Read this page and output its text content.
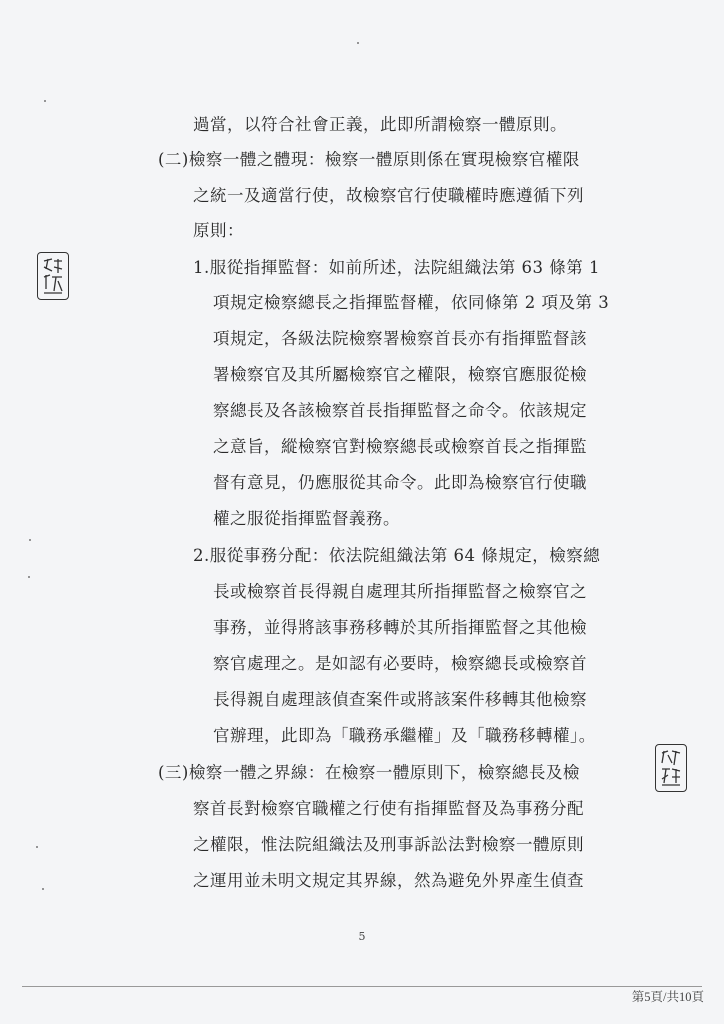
過當，以符合社會正義，此即所謂檢察一體原則。
(二)檢察一體之體現：檢察一體原則係在實現檢察官權限
之統一及適當行使，故檢察官行使職權時應遵循下列
原則：
1.服從指揮監督：如前所述，法院組織法第 63 條第 1
項規定檢察總長之指揮監督權，依同條第 2 項及第 3
項規定，各級法院檢察署檢察首長亦有指揮監督該
署檢察官及其所屬檢察官之權限，檢察官應服從檢
察總長及各該檢察首長指揮監督之命令。依該規定
之意旨，縱檢察官對檢察總長或檢察首長之指揮監
督有意見，仍應服從其命令。此即為檢察官行使職
權之服從指揮監督義務。
2.服從事務分配：依法院組織法第 64 條規定，檢察總
長或檢察首長得親自處理其所指揮監督之檢察官之
事務，並得將該事務移轉於其所指揮監督之其他檢
察官處理之。是如認有必要時，檢察總長或檢察首
長得親自處理該偵查案件或將該案件移轉其他檢察
官辦理，此即為「職務承繼權」及「職務移轉權」。
(三)檢察一體之界線：在檢察一體原則下，檢察總長及檢
察首長對檢察官職權之行使有指揮監督及為事務分配
之權限，惟法院組織法及刑事訴訟法對檢察一體原則
之運用並未明文規定其界線，然為避免外界產生偵查
5
第5頁/共10頁
